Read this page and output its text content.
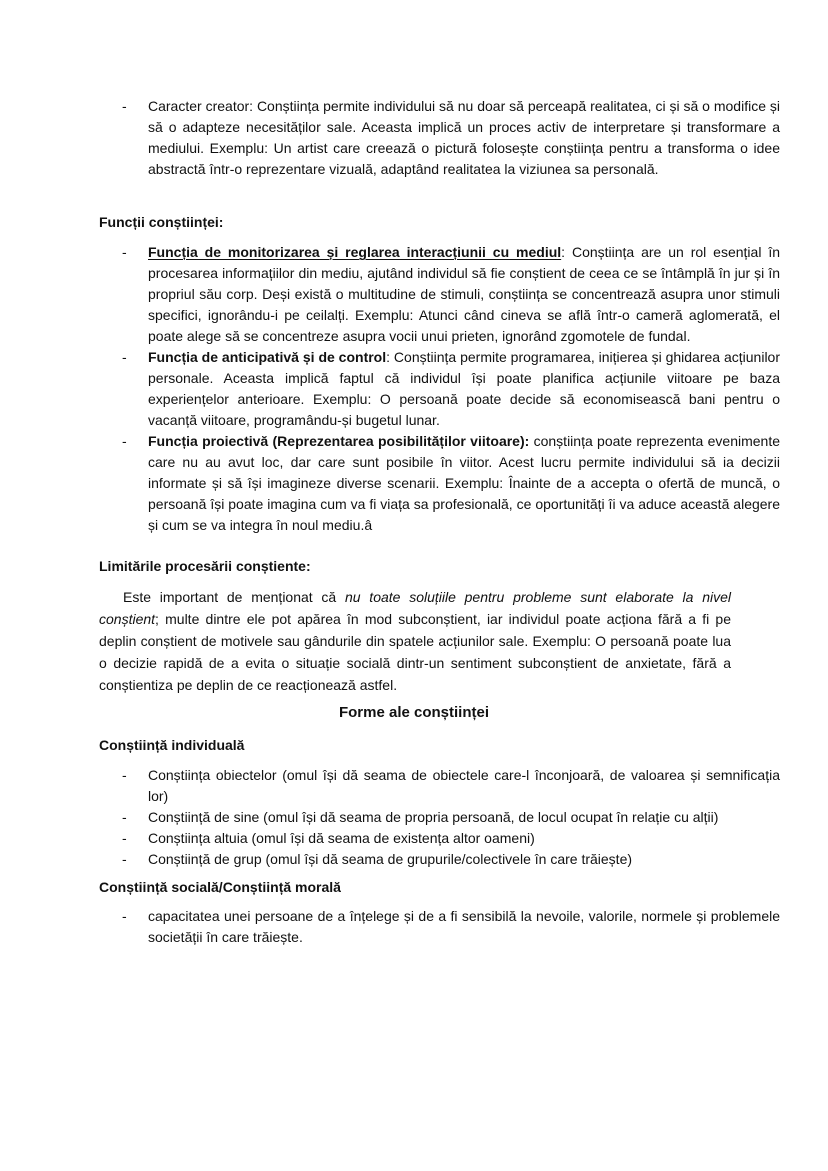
- Caracter creator: Conștiința permite individului să nu doar să perceapă realitatea, ci și să o modifice și să o adapteze necesităților sale. Aceasta implică un proces activ de interpretare și transformare a mediului. Exemplu: Un artist care creează o pictură folosește conștiința pentru a transforma o idee abstractă într-o reprezentare vizuală, adaptând realitatea la viziunea sa personală.
Funcții conștiinței:
- Funcția de monitorizarea și reglarea interacțiunii cu mediul: Conștiința are un rol esențial în procesarea informațiilor din mediu, ajutând individul să fie conștient de ceea ce se întâmplă în jur și în propriul său corp. Deși există o multitudine de stimuli, conștiința se concentrează asupra unor stimuli specifici, ignorându-i pe ceilalți. Exemplu: Atunci când cineva se află într-o cameră aglomerată, el poate alege să se concentreze asupra vocii unui prieten, ignorând zgomotele de fundal.
- Funcția de anticipativă și de control: Conștiința permite programarea, inițierea și ghidarea acțiunilor personale. Aceasta implică faptul că individul își poate planifica acțiunile viitoare pe baza experiențelor anterioare. Exemplu: O persoană poate decide să economisească bani pentru o vacanță viitoare, programându-și bugetul lunar.
- Funcția proiectivă (Reprezentarea posibilităților viitoare): conștiința poate reprezenta evenimente care nu au avut loc, dar care sunt posibile în viitor. Acest lucru permite individului să ia decizii informate și să își imagineze diverse scenarii. Exemplu: Înainte de a accepta o ofertă de muncă, o persoană își poate imagina cum va fi viața sa profesională, ce oportunități îi va aduce această alegere și cum se va integra în noul mediu.â
Limitările procesării conștiente:

Este important de menționat că nu toate soluțiile pentru probleme sunt elaborate la nivel conștient; multe dintre ele pot apărea în mod subconștient, iar individul poate acționa fără a fi pe deplin conștient de motivele sau gândurile din spatele acțiunilor sale. Exemplu: O persoană poate lua o decizie rapidă de a evita o situație socială dintr-un sentiment subconștient de anxietate, fără a conștientiza pe deplin de ce reacționează astfel.

Forme ale conștiinței
Conștiință individuală
- Conștiința obiectelor (omul își dă seama de obiectele care-l înconjoară, de valoarea și semnificația lor)
- Conștiință de sine (omul își dă seama de propria persoană, de locul ocupat în relație cu alții)
- Conștiința altuia (omul își dă seama de existența altor oameni)
- Conștiință de grup (omul își dă seama de grupurile/colectivele în care trăiește)
Conștiință socială/Conștiință morală
- capacitatea unei persoane de a înțelege și de a fi sensibilă la nevoile, valorile, normele și problemele societății în care trăiește.
